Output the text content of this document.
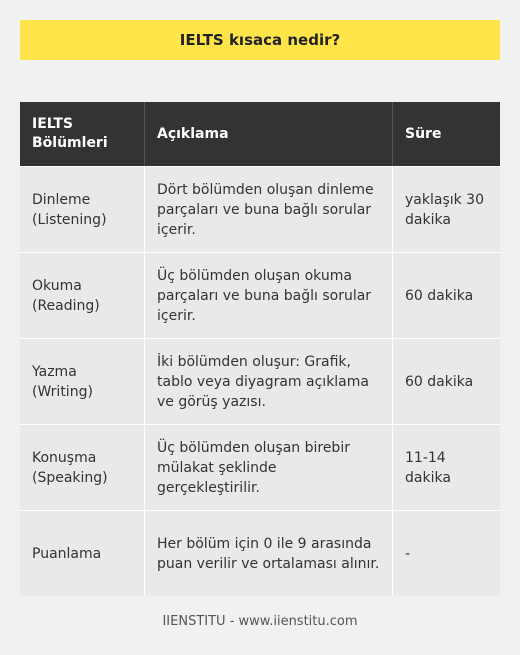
IELTS kısaca nedir?
IELTS Bölümleri
Açıklama	Süre
Dinleme (Listening)
Dört bölümden oluşan dinleme parçaları ve buna bağlı sorular içerir.
yaklaşık 30 dakika
Okuma (Reading)
Üç bölümden oluşan okuma parçaları ve buna bağlı sorular içerir.
60 dakika
Yazma (Writing)
İki bölümden oluşur: Grafik, tablo veya diyagram açıklama ve görüş yazısı.
60 dakika
Konuşma (Speaking)
Üç bölümden oluşan birebir mülakat şeklinde gerçekleştirilir.
11-14 dakika
Puanlama
Her bölüm için 0 ile 9 arasında puan verilir ve ortalaması alınır.
-
IIENSTITU - www.iienstitu.com
